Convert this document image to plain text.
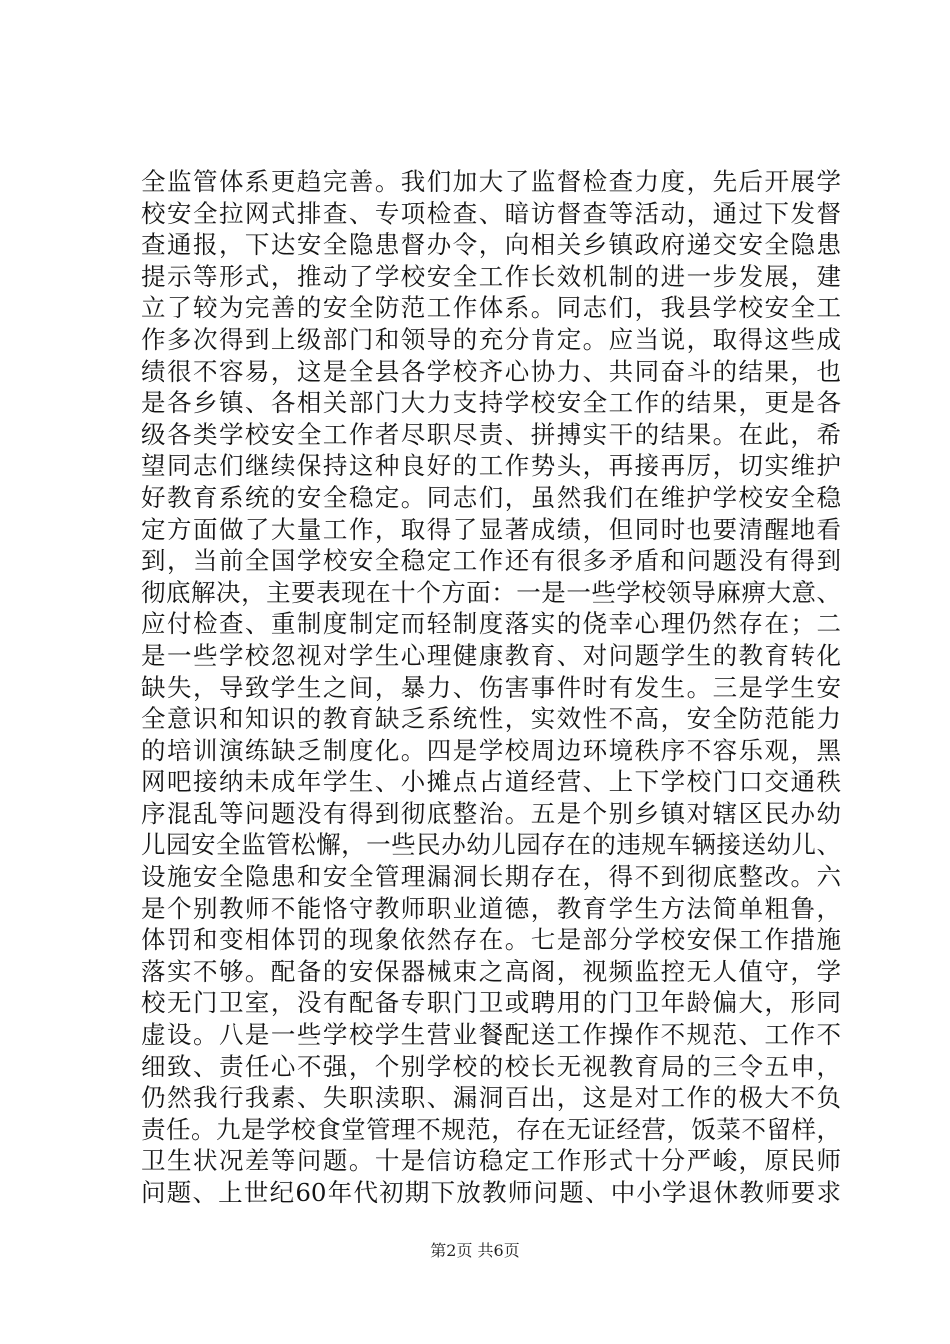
全监管体系更趋完善。我们加大了监督检查力度，先后开展学
校安全拉网式排查、专项检查、暗访督查等活动，通过下发督
查通报，下达安全隐患督办令，向相关乡镇政府递交安全隐患
提示等形式，推动了学校安全工作长效机制的进一步发展，建
立了较为完善的安全防范工作体系。同志们，我县学校安全工
作多次得到上级部门和领导的充分肯定。应当说，取得这些成
绩很不容易，这是全县各学校齐心协力、共同奋斗的结果，也
是各乡镇、各相关部门大力支持学校安全工作的结果，更是各
级各类学校安全工作者尽职尽责、拼搏实干的结果。在此，希
望同志们继续保持这种良好的工作势头，再接再厉，切实维护
好教育系统的安全稳定。同志们，虽然我们在维护学校安全稳
定方面做了大量工作，取得了显著成绩，但同时也要清醒地看
到，当前全国学校安全稳定工作还有很多矛盾和问题没有得到
彻底解决，主要表现在十个方面：一是一些学校领导麻痹大意、
应付检查、重制度制定而轻制度落实的侥幸心理仍然存在；二
是一些学校忽视对学生心理健康教育、对问题学生的教育转化
缺失，导致学生之间，暴力、伤害事件时有发生。三是学生安
全意识和知识的教育缺乏系统性，实效性不高，安全防范能力
的培训演练缺乏制度化。四是学校周边环境秩序不容乐观，黑
网吧接纳未成年学生、小摊点占道经营、上下学校门口交通秩
序混乱等问题没有得到彻底整治。五是个别乡镇对辖区民办幼
儿园安全监管松懈，一些民办幼儿园存在的违规车辆接送幼儿、
设施安全隐患和安全管理漏洞长期存在，得不到彻底整改。六
是个别教师不能恪守教师职业道德，教育学生方法简单粗鲁，
体罚和变相体罚的现象依然存在。七是部分学校安保工作措施
落实不够。配备的安保器械束之高阁，视频监控无人值守，学
校无门卫室，没有配备专职门卫或聘用的门卫年龄偏大，形同
虚设。八是一些学校学生营业餐配送工作操作不规范、工作不
细致、责任心不强，个别学校的校长无视教育局的三令五申，
仍然我行我素、失职渎职、漏洞百出，这是对工作的极大不负
责任。九是学校食堂管理不规范，存在无证经营，饭菜不留样，
卫生状况差等问题。十是信访稳定工作形式十分严峻，原民师
问题、上世纪60年代初期下放教师问题、中小学退休教师要求
第2页 共6页
